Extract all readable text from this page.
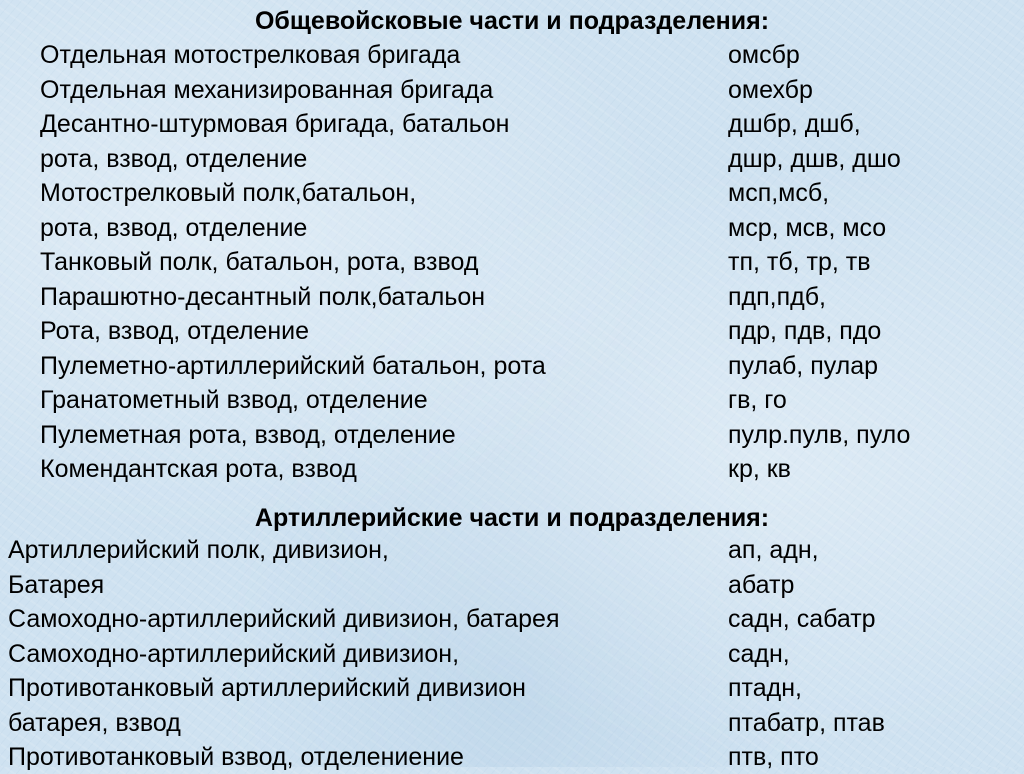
Общевойсковые части и подразделения:
Отдельная мотострелковая бригада	омсбр
Отдельная механизированная бригада	омехбр
Десантно-штурмовая бригада, батальон	дшбр, дшб,
рота, взвод, отделение	дшр, дшв, дшо
Мотострелковый полк,батальон,	мсп,мсб,
рота, взвод, отделение	мср, мсв, мсо
Танковый полк, батальон, рота, взвод	тп, тб, тр, тв
Парашютно-десантный полк,батальон	пдп,пдб,
Рота, взвод, отделение	пдр, пдв, пдо
Пулеметно-артиллерийский батальон, рота	пулаб, пулар
Гранатометный взвод, отделение	гв, го
Пулеметная рота, взвод, отделение	пулр.пулв, пуло
Комендантская рота, взвод	кр, кв
Артиллерийские части и подразделения:
Артиллерийский полк, дивизион,	ап, адн,
Батарея	абатр
Самоходно-артиллерийский дивизион, батарея	садн, сабатр
Самоходно-артиллерийский дивизион,	садн,
Противотанковый артиллерийский дивизион	птадн,
батарея, взвод	птабатр, птав
Противотанковый взвод, отделениение	птв, пто
